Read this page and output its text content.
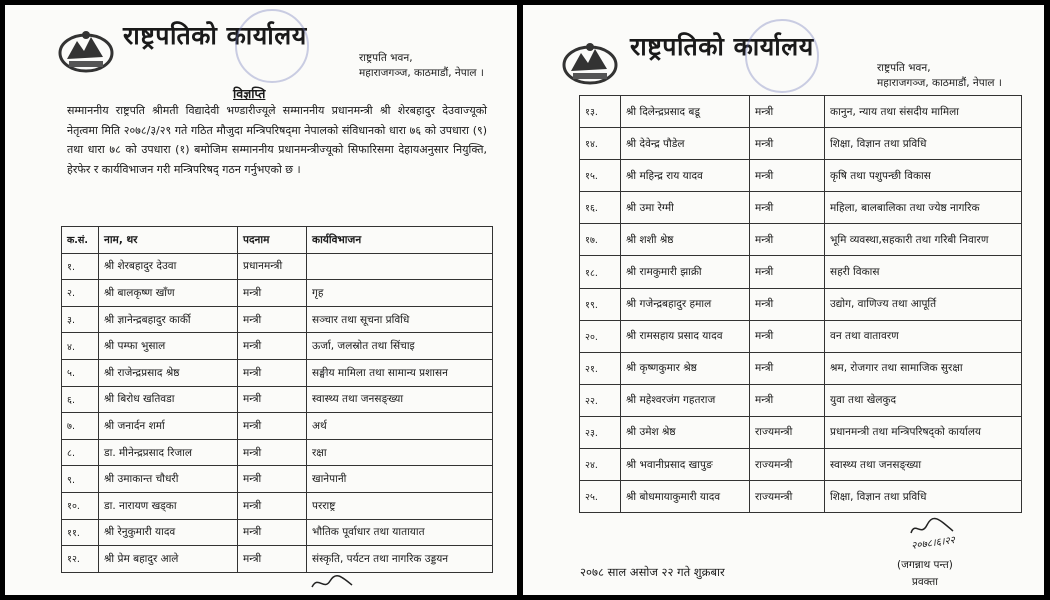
राष्ट्रपतिको कार्यालय
राष्ट्रपति भवन,
महाराजगञ्ज, काठमाडौं, नेपाल ।
विज्ञप्ति
सम्माननीय राष्ट्रपति श्रीमती विद्यादेवी भण्डारीज्यूले सम्माननीय प्रधानमन्त्री श्री शेरबहादुर देउवाज्यूको नेतृत्वमा मिति २०७८/३/२९ गते गठित मौजुदा मन्त्रिपरिषद्‌मा नेपालको संविधानको धारा ७६ को उपधारा (९) तथा धारा ७८ को उपधारा (१) बमोजिम सम्माननीय प्रधानमन्त्रीज्यूको सिफारिसमा देहायअनुसार नियुक्ति, हेरफेर र कार्यविभाजन गरी मन्त्रिपरिषद् गठन गर्नुभएको छ ।
क.सं.	नाम, थर	पदनाम	कार्यविभाजन
१.	श्री शेरबहादुर देउवा	प्रधानमन्त्री	
२.	श्री बालकृष्ण खाँण	मन्त्री	गृह
३.	श्री ज्ञानेन्द्रबहादुर कार्की	मन्त्री	सञ्चार तथा सूचना प्रविधि
४.	श्री पम्फा भुसाल	मन्त्री	ऊर्जा, जलस्रोत तथा सिंचाइ
५.	श्री राजेन्द्रप्रसाद श्रेष्ठ	मन्त्री	सङ्घीय मामिला तथा सामान्य प्रशासन
६.	श्री बिरोध खतिवडा	मन्त्री	स्वास्थ्य तथा जनसङ्ख्या
७.	श्री जनार्दन शर्मा	मन्त्री	अर्थ
८.	डा. मीनेन्द्रप्रसाद रिजाल	मन्त्री	रक्षा
९.	श्री उमाकान्त चौधरी	मन्त्री	खानेपानी
१०.	डा. नारायण खड्का	मन्त्री	परराष्ट्र
११.	श्री रेनुकुमारी यादव	मन्त्री	भौतिक पूर्वाधार तथा यातायात
१२.	श्री प्रेम बहादुर आले	मन्त्री	संस्कृति, पर्यटन तथा नागरिक उड्डयन
राष्ट्रपतिको कार्यालय
राष्ट्रपति भवन,
महाराजगञ्ज, काठमाडौं, नेपाल ।
१३.	श्री दिलेन्द्रप्रसाद बडू	मन्त्री	कानुन, न्याय तथा संसदीय मामिला
१४.	श्री देवेन्द्र पौडेल	मन्त्री	शिक्षा, विज्ञान तथा प्रविधि
१५.	श्री महिन्द्र राय यादव	मन्त्री	कृषि तथा पशुपन्छी विकास
१६.	श्री उमा रेग्मी	मन्त्री	महिला, बालबालिका तथा ज्येष्ठ नागरिक
१७.	श्री शशी श्रेष्ठ	मन्त्री	भूमि व्यवस्था,सहकारी तथा गरिबी निवारण
१८.	श्री रामकुमारी झाक्री	मन्त्री	सहरी विकास
१९.	श्री गजेन्द्रबहादुर हमाल	मन्त्री	उद्योग, वाणिज्य तथा आपूर्ति
२०.	श्री रामसहाय प्रसाद यादव	मन्त्री	वन तथा वातावरण
२१.	श्री कृष्णकुमार श्रेष्ठ	मन्त्री	श्रम, रोजगार तथा सामाजिक सुरक्षा
२२.	श्री महेश्वरजंग गहतराज	मन्त्री	युवा तथा खेलकुद
२३.	श्री उमेश श्रेष्ठ	राज्यमन्त्री	प्रधानमन्त्री तथा मन्त्रिपरिषद्‌को कार्यालय
२४.	श्री भवानीप्रसाद खापुङ	राज्यमन्त्री	स्वास्थ्य तथा जनसङ्ख्या
२५.	श्री बोधमायाकुमारी यादव	राज्यमन्त्री	शिक्षा, विज्ञान तथा प्रविधि
२०७८।६।२२
२०७८ साल असोज २२ गते शुक्रबार	(जगन्नाथ पन्त)
प्रवक्ता
